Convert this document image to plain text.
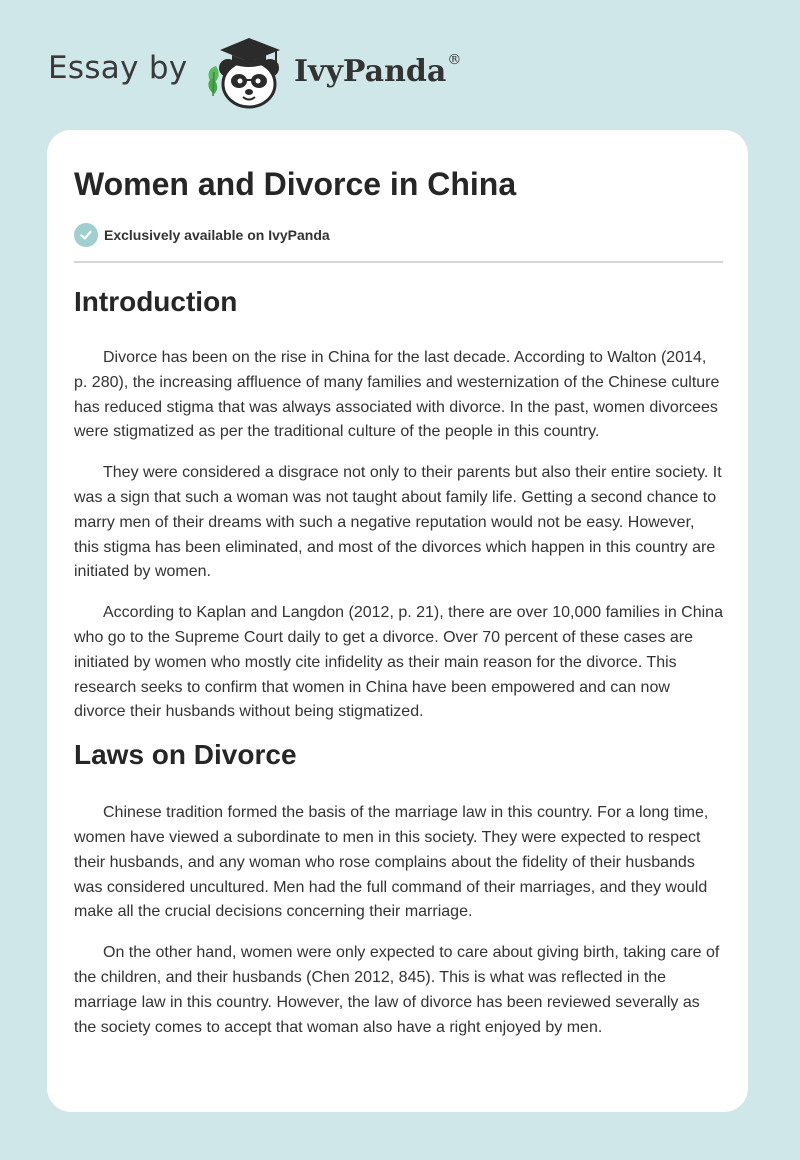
Essay by	IvyPanda®
Women and Divorce in China
Exclusively available on IvyPanda
Introduction

Divorce has been on the rise in China for the last decade. According to Walton (2014, p. 280), the increasing affluence of many families and westernization of the Chinese culture has reduced stigma that was always associated with divorce. In the past, women divorcees were stigmatized as per the traditional culture of the people in this country.

They were considered a disgrace not only to their parents but also their entire society. It was a sign that such a woman was not taught about family life. Getting a second chance to marry men of their dreams with such a negative reputation would not be easy. However, this stigma has been eliminated, and most of the divorces which happen in this country are initiated by women.

According to Kaplan and Langdon (2012, p. 21), there are over 10,000 families in China who go to the Supreme Court daily to get a divorce. Over 70 percent of these cases are initiated by women who mostly cite infidelity as their main reason for the divorce. This research seeks to confirm that women in China have been empowered and can now divorce their husbands without being stigmatized.

Laws on Divorce

Chinese tradition formed the basis of the marriage law in this country. For a long time, women have viewed a subordinate to men in this society. They were expected to respect their husbands, and any woman who rose complains about the fidelity of their husbands was considered uncultured. Men had the full command of their marriages, and they would make all the crucial decisions concerning their marriage.

On the other hand, women were only expected to care about giving birth, taking care of the children, and their husbands (Chen 2012, 845). This is what was reflected in the marriage law in this country. However, the law of divorce has been reviewed severally as the society comes to accept that woman also have a right enjoyed by men.
